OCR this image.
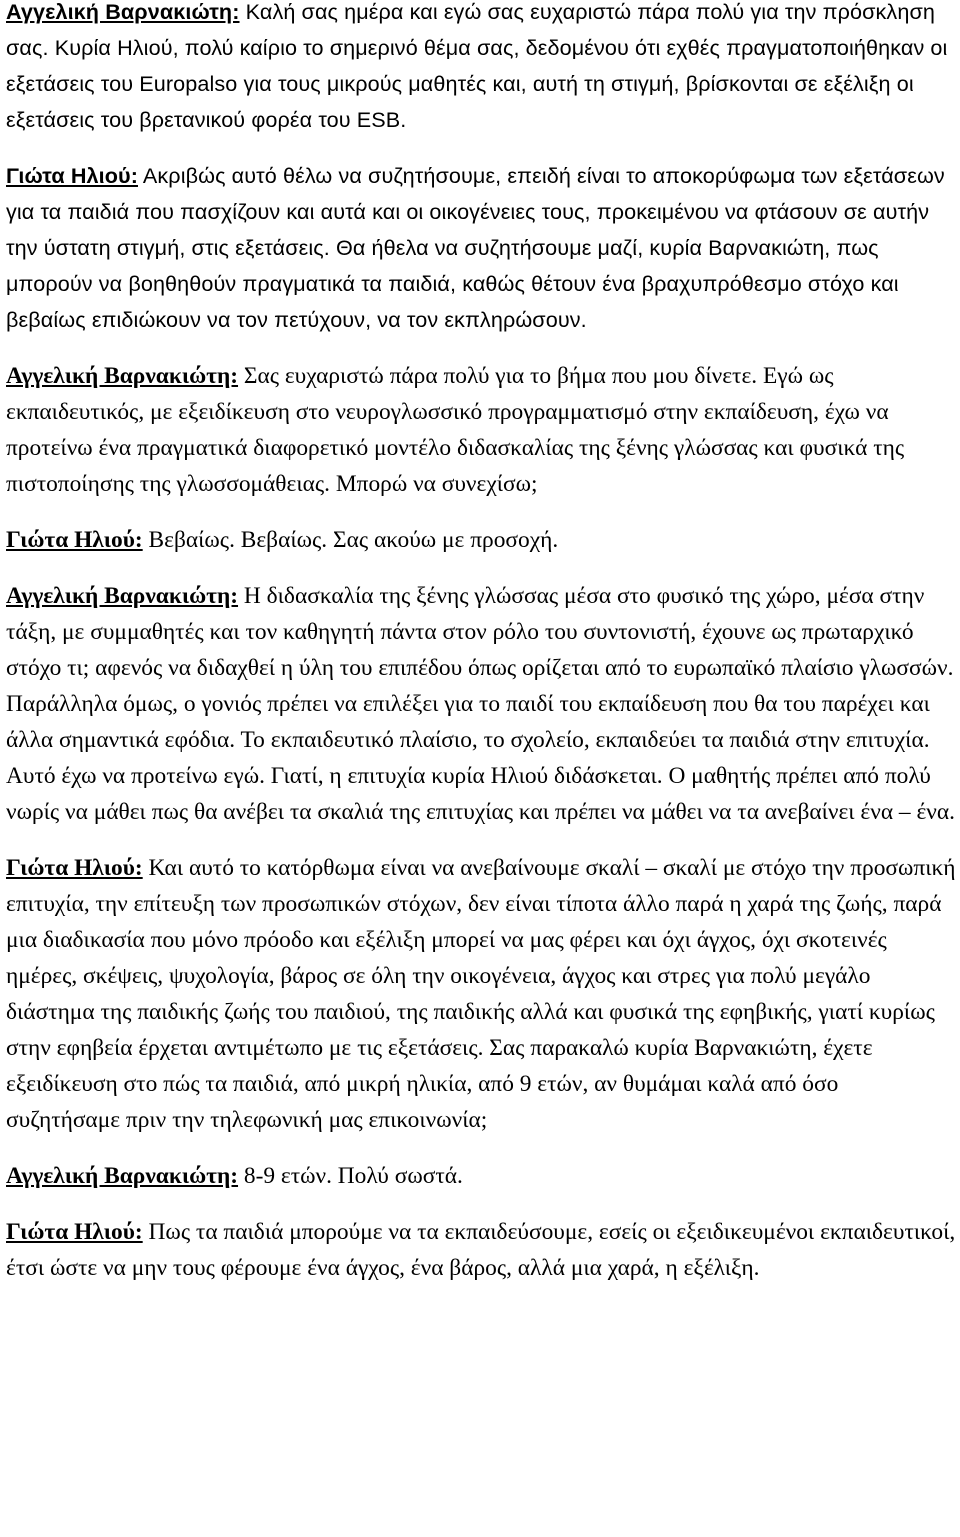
Αγγελική Βαρνακιώτη: Καλή σας ημέρα και εγώ σας ευχαριστώ πάρα πολύ για την πρόσκληση σας. Κυρία Ηλιού, πολύ καίριο το σημερινό θέμα σας, δεδομένου ότι εχθές πραγματοποιήθηκαν οι εξετάσεις του Europalso για τους μικρούς μαθητές και, αυτή τη στιγμή, βρίσκονται σε εξέλιξη οι εξετάσεις του βρετανικού φορέα του ESB.

Γιώτα Ηλιού: Ακριβώς αυτό θέλω να συζητήσουμε, επειδή είναι το αποκορύφωμα των εξετάσεων για τα παιδιά που πασχίζουν και αυτά και οι οικογένειες τους, προκειμένου να φτάσουν σε αυτήν την ύστατη στιγμή, στις εξετάσεις. Θα ήθελα να συζητήσουμε μαζί, κυρία Βαρνακιώτη, πως μπορούν να βοηθηθούν πραγματικά τα παιδιά, καθώς θέτουν ένα βραχυπρόθεσμο στόχο και βεβαίως επιδιώκουν να τον πετύχουν, να τον εκπληρώσουν.

Αγγελική Βαρνακιώτη: Σας ευχαριστώ πάρα πολύ για το βήμα που μου δίνετε. Εγώ ως εκπαιδευτικός, με εξειδίκευση στο νευρογλωσσικό προγραμματισμό στην εκπαίδευση, έχω να προτείνω ένα πραγματικά διαφορετικό μοντέλο διδασκαλίας της ξένης γλώσσας και φυσικά της πιστοποίησης της γλωσσομάθειας. Μπορώ να συνεχίσω;

Γιώτα Ηλιού: Βεβαίως. Βεβαίως. Σας ακούω με προσοχή.

Αγγελική Βαρνακιώτη: Η διδασκαλία της ξένης γλώσσας μέσα στο φυσικό της χώρο, μέσα στην τάξη, με συμμαθητές και τον καθηγητή πάντα στον ρόλο του συντονιστή, έχουνε ως πρωταρχικό στόχο τι; αφενός να διδαχθεί η ύλη του επιπέδου όπως ορίζεται από το ευρωπαϊκό πλαίσιο γλωσσών. Παράλληλα όμως, ο γονιός πρέπει να επιλέξει για το παιδί του εκπαίδευση που θα του παρέχει και άλλα σημαντικά εφόδια. Το εκπαιδευτικό πλαίσιο, το σχολείο, εκπαιδεύει τα παιδιά στην επιτυχία. Αυτό έχω να προτείνω εγώ. Γιατί, η επιτυχία κυρία Ηλιού διδάσκεται. Ο μαθητής πρέπει από πολύ νωρίς να μάθει πως θα ανέβει τα σκαλιά της επιτυχίας και πρέπει να μάθει να τα ανεβαίνει ένα – ένα.

Γιώτα Ηλιού: Και αυτό το κατόρθωμα είναι να ανεβαίνουμε σκαλί – σκαλί με στόχο την προσωπική επιτυχία, την επίτευξη των προσωπικών στόχων, δεν είναι τίποτα άλλο παρά η χαρά της ζωής, παρά μια διαδικασία που μόνο πρόοδο και εξέλιξη μπορεί να μας φέρει και όχι άγχος, όχι σκοτεινές ημέρες, σκέψεις, ψυχολογία, βάρος σε όλη την οικογένεια, άγχος και στρες για πολύ μεγάλο διάστημα της παιδικής ζωής του παιδιού, της παιδικής αλλά και φυσικά της εφηβικής, γιατί κυρίως στην εφηβεία έρχεται αντιμέτωπο με τις εξετάσεις. Σας παρακαλώ κυρία Βαρνακιώτη, έχετε εξειδίκευση στο πώς τα παιδιά, από μικρή ηλικία, από 9 ετών, αν θυμάμαι καλά από όσο συζητήσαμε πριν την τηλεφωνική μας επικοινωνία;

Αγγελική Βαρνακιώτη: 8-9 ετών. Πολύ σωστά.

Γιώτα Ηλιού: Πως τα παιδιά μπορούμε να τα εκπαιδεύσουμε, εσείς οι εξειδικευμένοι εκπαιδευτικοί, έτσι ώστε να μην τους φέρουμε ένα άγχος, ένα βάρος, αλλά μια χαρά, η εξέλιξη.
